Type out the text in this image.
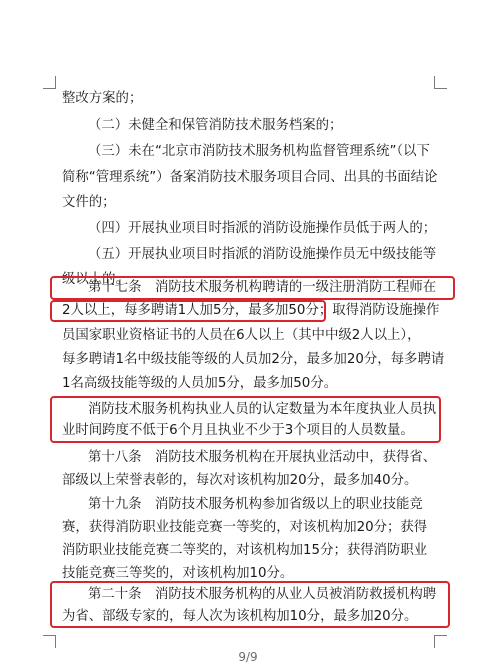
整改方案的；
（二）未健全和保管消防技术服务档案的；
（三）未在“北京市消防技术服务机构监督管理系统”（以下
简称“管理系统”）备案消防技术服务项目合同、出具的书面结论
文件的；
（四）开展执业项目时指派的消防设施操作员低于两人的；
（五）开展执业项目时指派的消防设施操作员无中级技能等
级以上的。
第十七条　消防技术服务机构聘请的一级注册消防工程师在
2人以上，每多聘请1人加5分，最多加50分；取得消防设施操作
员国家职业资格证书的人员在6人以上（其中中级2人以上），
每多聘请1名中级技能等级的人员加2分，最多加20分，每多聘请
1名高级技能等级的人员加5分，最多加50分。
消防技术服务机构执业人员的认定数量为本年度执业人员执
业时间跨度不低于6个月且执业不少于3个项目的人员数量。
第十八条　消防技术服务机构在开展执业活动中，获得省、
部级以上荣誉表彰的，每次对该机构加20分，最多加40分。
第十九条　消防技术服务机构参加省级以上的职业技能竞
赛，获得消防职业技能竞赛一等奖的，对该机构加20分；获得
消防职业技能竞赛二等奖的，对该机构加15分；获得消防职业
技能竞赛三等奖的，对该机构加10分。
第二十条　消防技术服务机构的从业人员被消防救援机构聘
为省、部级专家的，每人次为该机构加10分，最多加20分。
9/9
